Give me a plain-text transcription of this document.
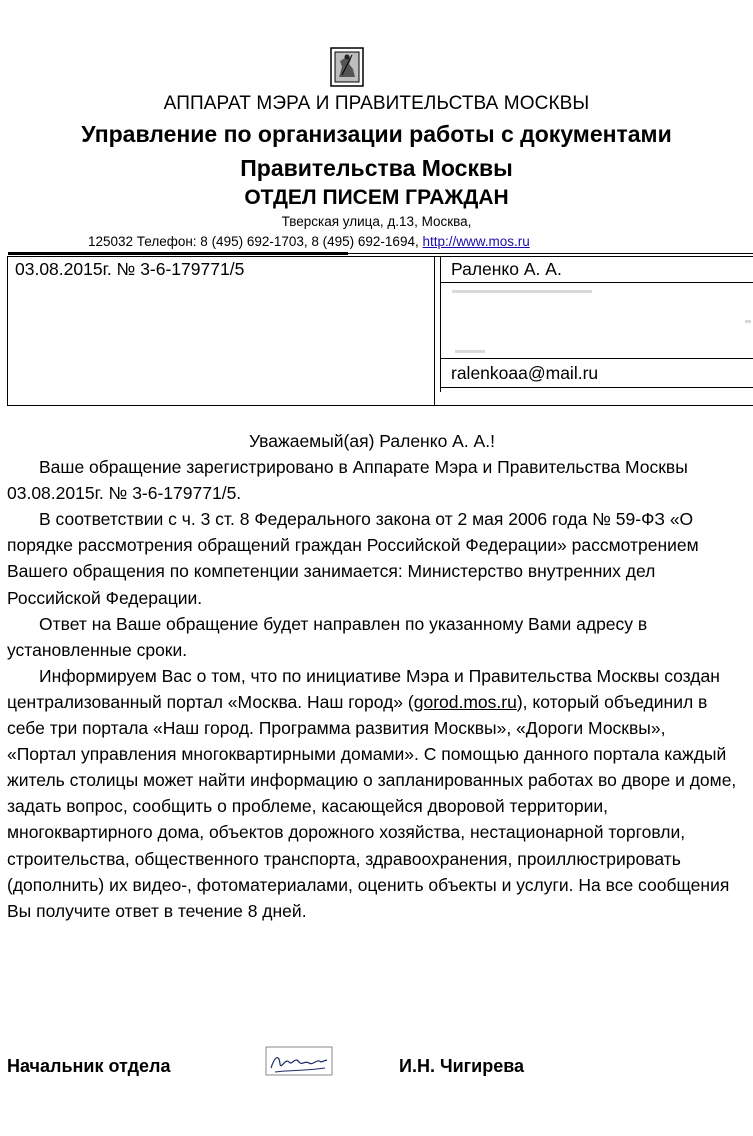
АППАРАТ МЭРА И ПРАВИТЕЛЬСТВА МОСКВЫ
Управление по организации работы с документами
Правительства Москвы
ОТДЕЛ ПИСЕМ ГРАЖДАН
Тверская улица, д.13, Москва,
125032 Телефон: 8 (495) 692-1703, 8 (495) 692-1694, http://www.mos.ru
03.08.2015г. № 3-6-179771/5	Раленко А. А.
ralenkoaa@mail.ru

Уважаемый(ая) Раленко А. А.!

Ваше обращение зарегистрировано в Аппарате Мэра и Правительства Москвы 03.08.2015г. № 3-6-179771/5.

В соответствии с ч. 3 ст. 8 Федерального закона от 2 мая 2006 года № 59-ФЗ «О порядке рассмотрения обращений граждан Российской Федерации» рассмотрением Вашего обращения по компетенции занимается: Министерство внутренних дел Российской Федерации.

Ответ на Ваше обращение будет направлен по указанному Вами адресу в установленные сроки.

Информируем Вас о том, что по инициативе Мэра и Правительства Москвы создан централизованный портал «Москва. Наш город» (gorod.mos.ru), который объединил в себе три портала «Наш город. Программа развития Москвы», «Дороги Москвы», «Портал управления многоквартирными домами». С помощью данного портала каждый житель столицы может найти информацию о запланированных работах во дворе и доме, задать вопрос, сообщить о проблеме, касающейся дворовой территории, многоквартирного дома, объектов дорожного хозяйства, нестационарной торговли, строительства, общественного транспорта, здравоохранения, проиллюстрировать (дополнить) их видео-, фотоматериалами, оценить объекты и услуги. На все сообщения Вы получите ответ в течение 8 дней.

Начальник отдела	И.Н. Чигирева
